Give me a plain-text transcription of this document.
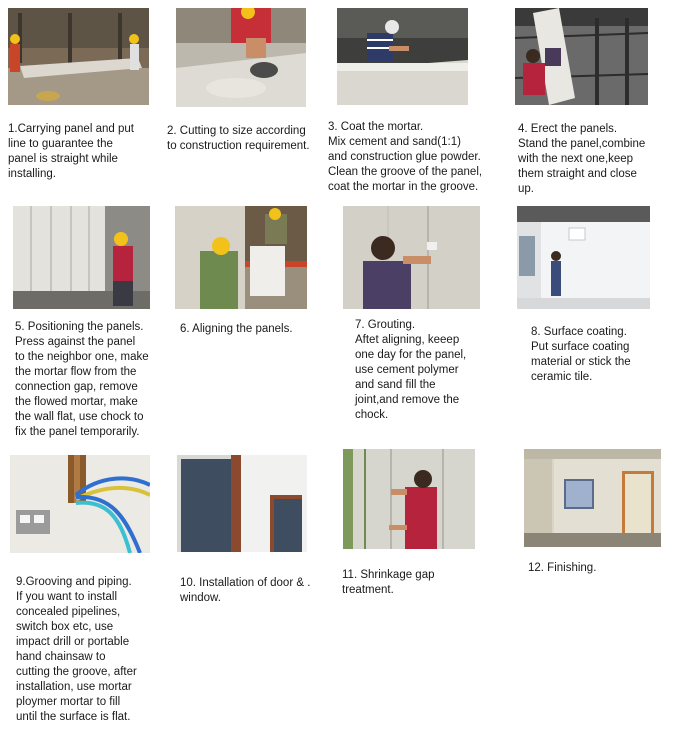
1.Carrying panel and put
line to guarantee the
panel is straight while
installing.

2. Cutting to size according
to construction requirement.

3. Coat the mortar.
Mix cement and sand(1:1)
and construction glue powder.
Clean the groove of the panel,
coat the mortar in the groove.

4. Erect the panels.
Stand the panel,combine
with the next one,keep
them straight and close
up.

5. Positioning the panels.
Press against the panel
to the neighbor one, make
the mortar flow from the
connection gap, remove
the flowed mortar, make
the wall flat, use chock to
fix the panel temporarily.

6. Aligning the panels.	7. Grouting.
Aftet aligning, keeep
one day for the panel,
use cement polymer
and sand fill the
joint,and remove the
chock.

8. Surface coating.
Put surface coating
material or stick the
ceramic tile.

9.Grooving and piping.
If you want to install
concealed pipelines,
switch box etc, use
impact drill or portable
hand chainsaw to
cutting the groove, after
installation, use mortar
ploymer mortar to fill
until the surface is flat.

10. Installation of door & .
window.

11. Shrinkage gap
treatment.

12. Finishing.
